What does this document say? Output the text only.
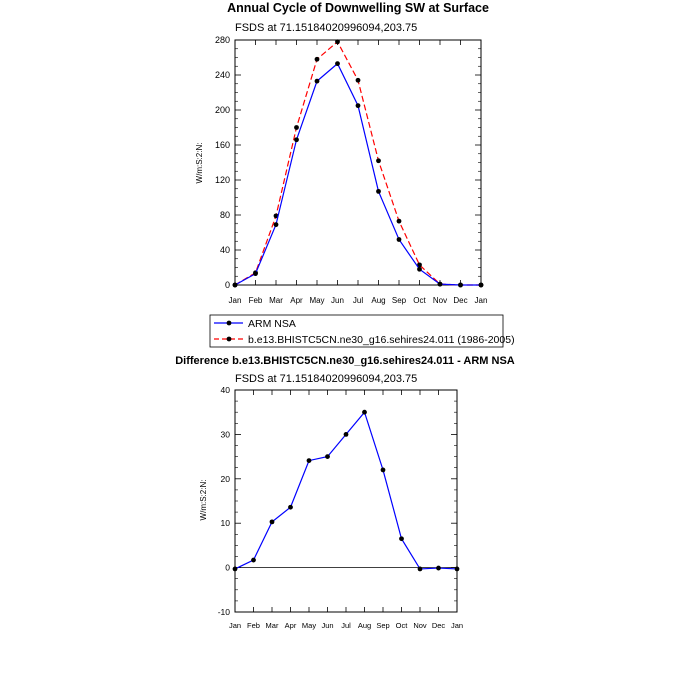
Annual Cycle of Downwelling SW at Surface
FSDS at 71.15184020996094,203.75
W/m:S:2:N:
Jan Feb Mar Apr May Jun Jul Aug Sep Oct Nov Dec Jan
0
40
80
120
160
200
240
280
ARM NSA
b.e13.BHISTC5CN.ne30_g16.sehires24.011 (1986-2005)
Difference b.e13.BHISTC5CN.ne30_g16.sehires24.011 - ARM NSA
FSDS at 71.15184020996094,203.75
W/m:S:2:N:
Jan Feb Mar Apr May Jun Jul Aug Sep Oct Nov Dec Jan
-10
0
10
20
30
40
